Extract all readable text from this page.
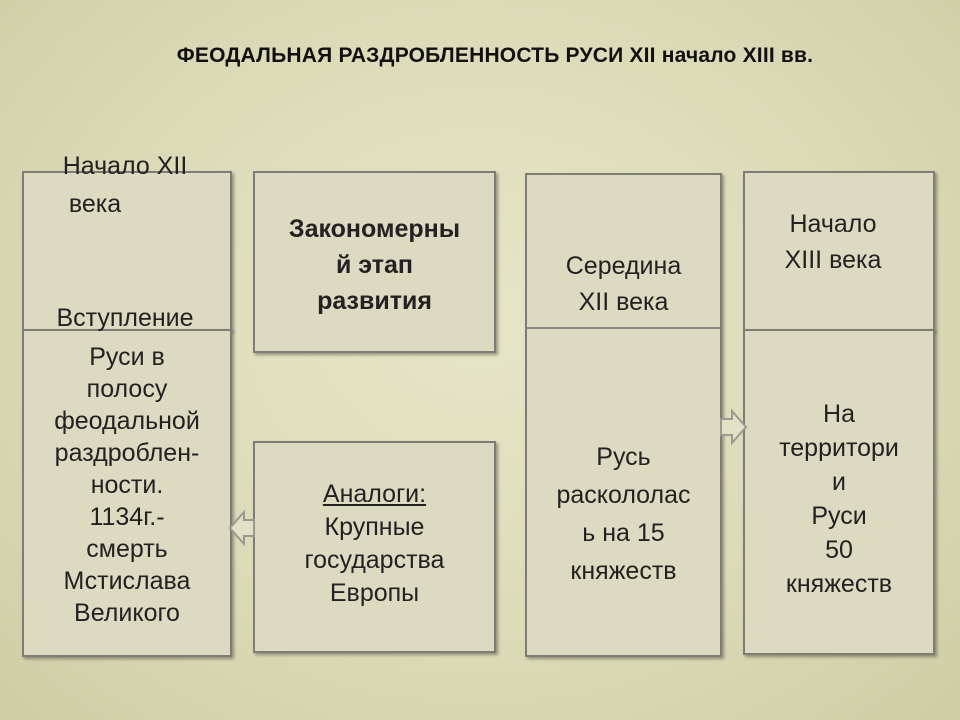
ФЕОДАЛЬНАЯ РАЗДРОБЛЕННОСТЬ РУСИ XII начало XIII вв.
Начало XII
века
Вступление
Руси в
полосу
феодальной
раздроблен-
ности.
1134г.-
смерть
Мстислава
Великого
Закономерны
й этап
развития
Аналоги:
Крупные
государства
Европы
Середина
XII века
Русь
раскололас
ь на 15
княжеств
Начало
XIII века
На
территори
и
Руси
50
княжеств
